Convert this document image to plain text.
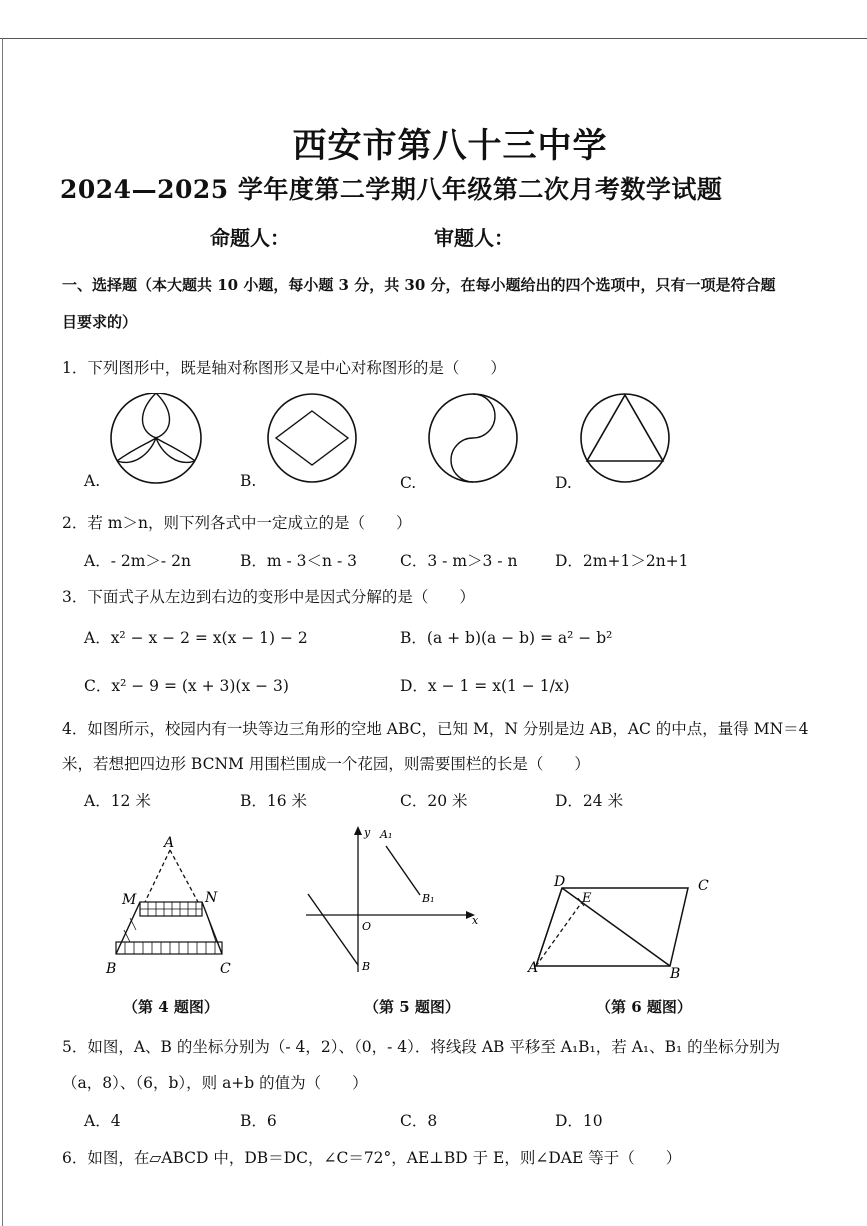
西安市第八十三中学
2024—2025 学年度第二学期八年级第二次月考数学试题
命题人：	审题人：
一、选择题（本大题共 10 小题，每小题 3 分，共 30 分，在每小题给出的四个选项中，只有一项是符合题
目要求的）
1．下列图形中，既是轴对称图形又是中心对称图形的是（　　）
A.	B.	C.	D.
2．若 m＞n，则下列各式中一定成立的是（　　）
A．- 2m＞- 2n	B．m - 3＜n - 3	C．3 - m＞3 - n D．2m+1＞2n+1
3．下面式子从左边到右边的变形中是因式分解的是（　　）
A．x² − x − 2 = x(x − 1) − 2	B．(a + b)(a − b) = a² − b²
C．x² − 9 = (x + 3)(x − 3)	D．x − 1 = x(1 − 1/x)
4．如图所示，校园内有一块等边三角形的空地 ABC，已知 M，N 分别是边 AB，AC 的中点，量得 MN＝4
米，若想把四边形 BCNM 用围栏围成一个花园，则需要围栏的长是（　　）
A．12 米	B．16 米	C．20 米	D．24 米
A
M	N
B	C
y A₁
B₁
O	x
B
D
E
C
A	B
（第 4 题图）	（第 5 题图）	（第 6 题图）
5．如图，A、B 的坐标分别为（- 4，2）、（0，- 4）．将线段 AB 平移至 A₁B₁，若 A₁、B₁ 的坐标分别为
（a，8）、（6，b），则 a+b 的值为（　　）
A．4	B．6	C．8	D．10
6．如图，在▱ABCD 中，DB＝DC，∠C＝72°，AE⊥BD 于 E，则∠DAE 等于（　　）
